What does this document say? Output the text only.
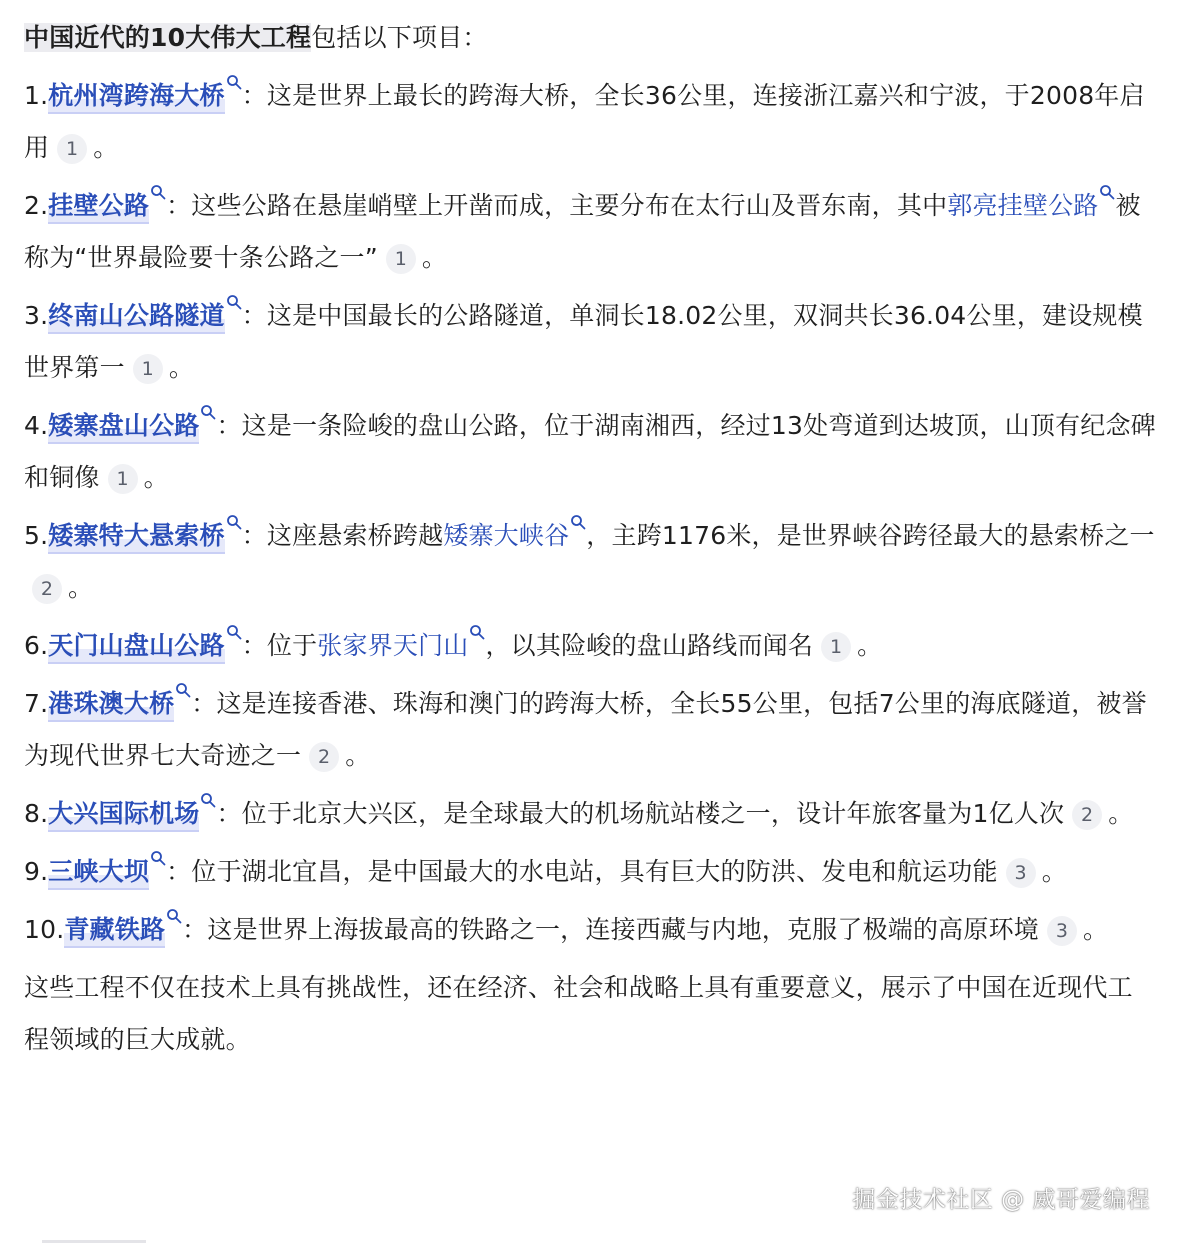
中国近代的10大伟大工程包括以下项目：
1.杭州湾跨海大桥 ：这是世界上最长的跨海大桥，全长36公里，连接浙江嘉兴和宁波，于2008年启用 1 。
2.挂壁公路 ：这些公路在悬崖峭壁上开凿而成，主要分布在太行山及晋东南，其中郭亮挂壁公路 被称为“世界最险要十条公路之一” 1 。
3.终南山公路隧道 ：这是中国最长的公路隧道，单洞长18.02公里，双洞共长36.04公里，建设规模世界第一 1 。
4.矮寨盘山公路 ：这是一条险峻的盘山公路，位于湖南湘西，经过13处弯道到达坡顶，山顶有纪念碑和铜像 1 。
5.矮寨特大悬索桥 ：这座悬索桥跨越矮寨大峡谷 ，主跨1176米，是世界峡谷跨径最大的悬索桥之一2 。
6.天门山盘山公路 ：位于张家界天门山 ，以其险峻的盘山路线而闻名 1 。
7.港珠澳大桥 ：这是连接香港、珠海和澳门的跨海大桥，全长55公里，包括7公里的海底隧道，被誉为现代世界七大奇迹之一 2 。
8.大兴国际机场 ：位于北京大兴区，是全球最大的机场航站楼之一，设计年旅客量为1亿人次 2 。
9.三峡大坝 ：位于湖北宜昌，是中国最大的水电站，具有巨大的防洪、发电和航运功能 3 。
10.青藏铁路 ：这是世界上海拔最高的铁路之一，连接西藏与内地，克服了极端的高原环境 3 。
这些工程不仅在技术上具有挑战性，还在经济、社会和战略上具有重要意义，展示了中国在近现代工程领域的巨大成就。
掘金技术社区 @ 威哥爱编程
